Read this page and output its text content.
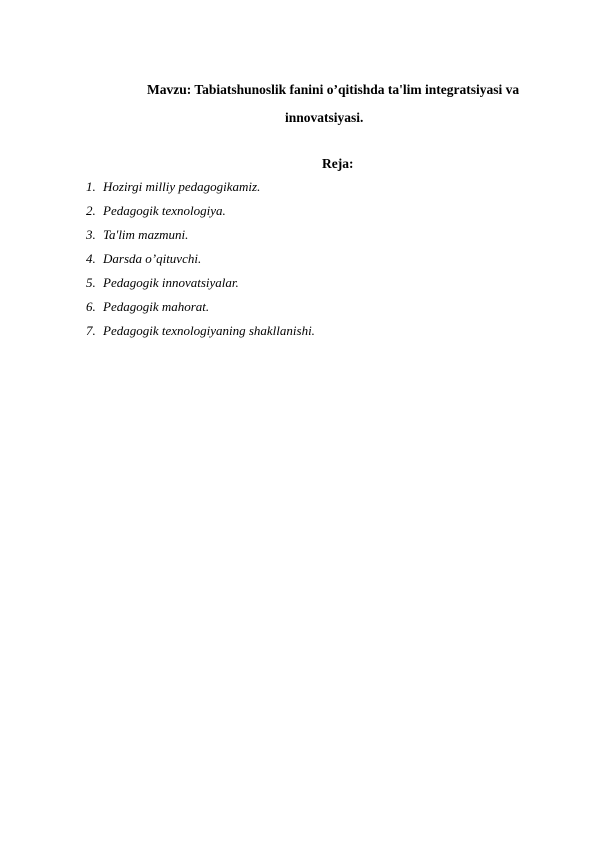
Mavzu: Tabiatshunoslik fanini o’qitishda ta'lim integratsiyasi va
innovatsiyasi.
Reja:
1. Hozirgi milliy pedagogikamiz.
2. Pedagogik texnologiya.
3. Ta'lim mazmuni.
4. Darsda o’qituvchi.
5. Pedagogik innovatsiyalar.
6. Pedagogik mahorat.
7. Pedagogik texnologiyaning shakllanishi.
